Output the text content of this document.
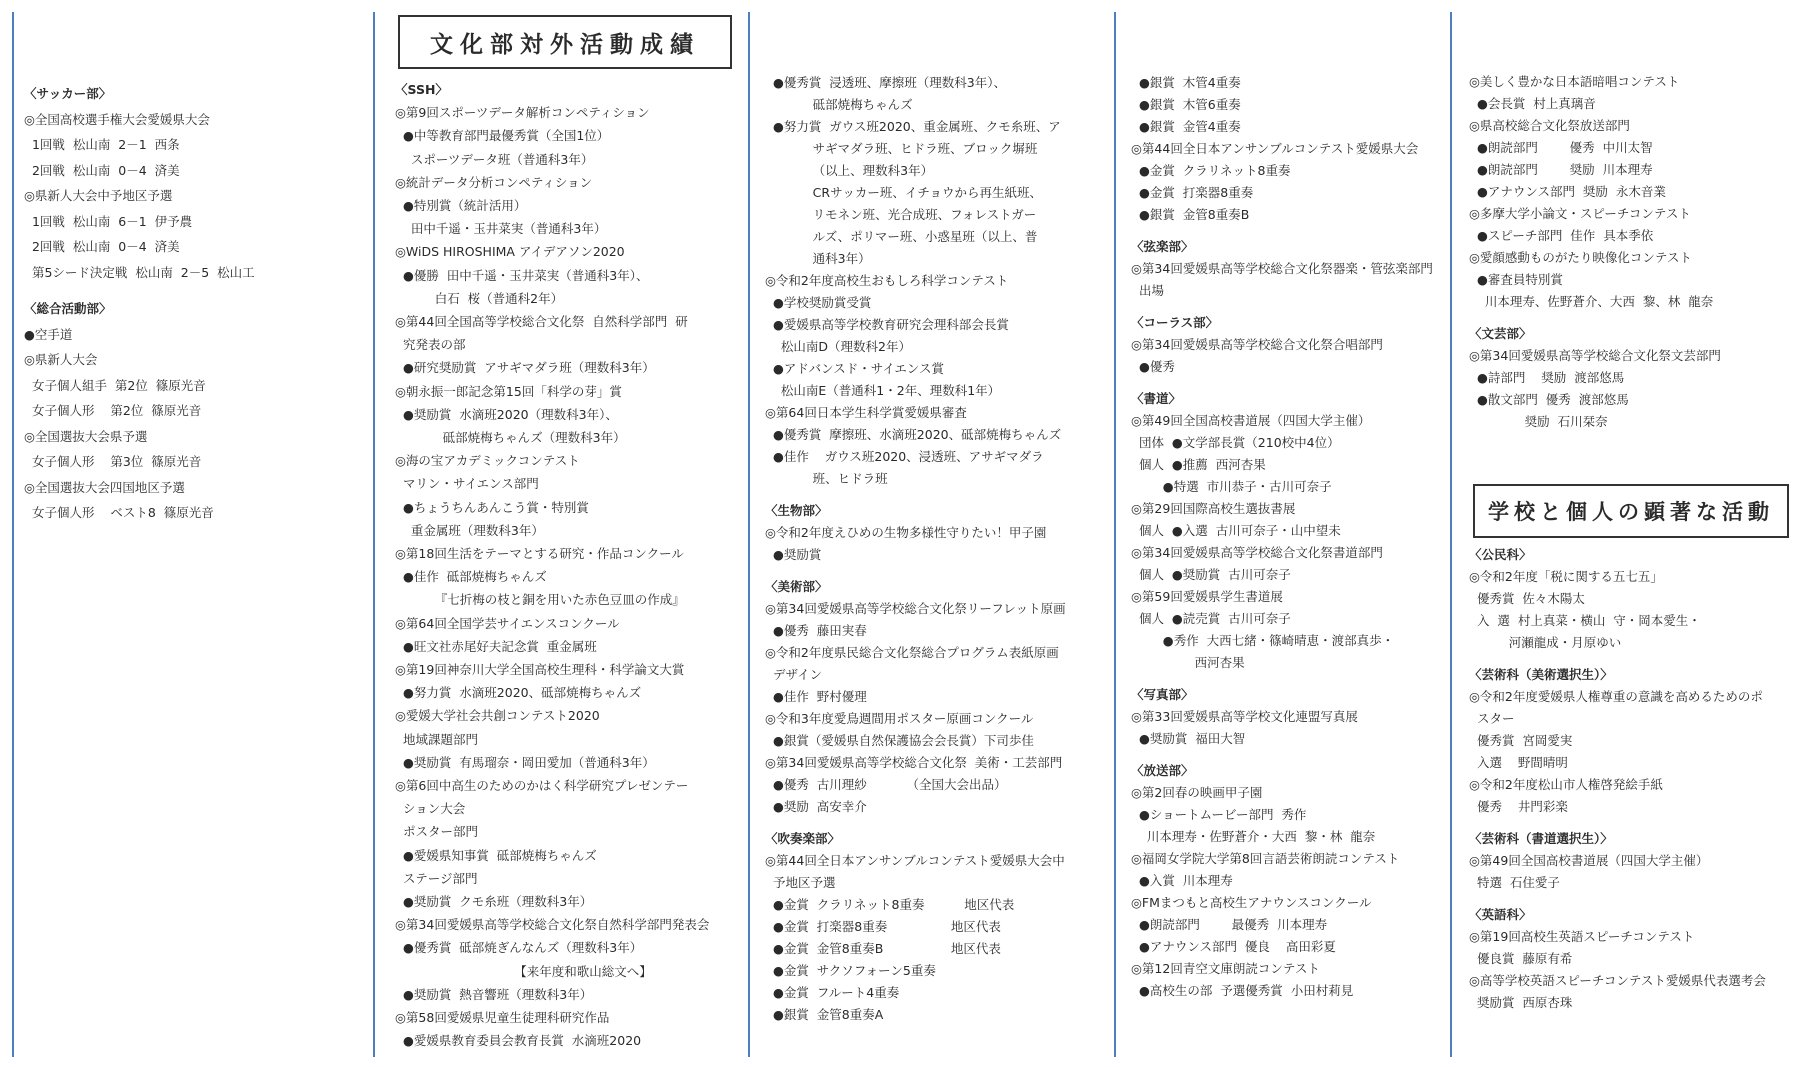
文化部対外活動成績
学校と個人の顕著な活動
〈サッカー部〉
◎全国高校選手権大会愛媛県大会
1回戦  松山南  2－1  西条
2回戦  松山南  0－4  済美
◎県新人大会中予地区予選
1回戦  松山南  6－1  伊予農
2回戦  松山南  0－4  済美
第5シード決定戦  松山南  2－5  松山工
〈総合活動部〉
●空手道
◎県新人大会
女子個人組手  第2位  篠原光音
女子個人形    第2位  篠原光音
◎全国選抜大会県予選
女子個人形    第3位  篠原光音
◎全国選抜大会四国地区予選
女子個人形    ベスト8  篠原光音
〈SSH〉
◎第9回スポーツデータ解析コンペティション
●中等教育部門最優秀賞（全国1位）
スポーツデータ班（普通科3年）
◎統計データ分析コンペティション
●特別賞（統計活用）
田中千遥・玉井菜実（普通科3年）
◎WiDS HIROSHIMA アイデアソン2020
●優勝  田中千遥・玉井菜実（普通科3年）、
白石  桜（普通科2年）
◎第44回全国高等学校総合文化祭  自然科学部門  研
究発表の部
●研究奨励賞  アサギマダラ班（理数科3年）
◎朝永振一郎記念第15回「科学の芽」賞
●奨励賞  水滴班2020（理数科3年）、
砥部焼梅ちゃんズ（理数科3年）
◎海の宝アカデミックコンテスト
マリン・サイエンス部門
●ちょうちんあんこう賞・特別賞
重金属班（理数科3年）
◎第18回生活をテーマとする研究・作品コンクール
●佳作  砥部焼梅ちゃんズ
『七折梅の枝と銅を用いた赤色豆皿の作成』
◎第64回全国学芸サイエンスコンクール
●旺文社赤尾好夫記念賞  重金属班
◎第19回神奈川大学全国高校生理科・科学論文大賞
●努力賞  水滴班2020、砥部焼梅ちゃんズ
◎愛媛大学社会共創コンテスト2020
地域課題部門
●奨励賞  有馬瑠奈・岡田愛加（普通科3年）
◎第6回中高生のためのかはく科学研究プレゼンテー
ション大会
ポスター部門
●愛媛県知事賞  砥部焼梅ちゃんズ
ステージ部門
●奨励賞  クモ糸班（理数科3年）
◎第34回愛媛県高等学校総合文化祭自然科学部門発表会
●優秀賞  砥部焼ぎんなんズ（理数科3年）
【来年度和歌山総文へ】
●奨励賞  熱音響班（理数科3年）
◎第58回愛媛県児童生徒理科研究作品
●愛媛県教育委員会教育長賞  水滴班2020
●優秀賞  浸透班、摩擦班（理数科3年）、
砥部焼梅ちゃんズ
●努力賞  ガウス班2020、重金属班、クモ糸班、ア
サギマダラ班、ヒドラ班、ブロック塀班
（以上、理数科3年）
CRサッカー班、イチョウから再生紙班、
リモネン班、光合成班、フォレストガー
ルズ、ポリマー班、小惑星班（以上、普
通科3年）
◎令和2年度高校生おもしろ科学コンテスト
●学校奨励賞受賞
●愛媛県高等学校教育研究会理科部会長賞
松山南D（理数科2年）
●アドバンスド・サイエンス賞
松山南E（普通科1・2年、理数科1年）
◎第64回日本学生科学賞愛媛県審査
●優秀賞  摩擦班、水滴班2020、砥部焼梅ちゃんズ
●佳作    ガウス班2020、浸透班、アサギマダラ
班、ヒドラ班
〈生物部〉
◎令和2年度えひめの生物多様性守りたい！甲子園
●奨励賞
〈美術部〉
◎第34回愛媛県高等学校総合文化祭リーフレット原画
●優秀  藤田実春
◎令和2年度県民総合文化祭総合プログラム表紙原画
デザイン
●佳作  野村優理
◎令和3年度愛鳥週間用ポスター原画コンクール
●銀賞（愛媛県自然保護協会会長賞）下司歩佳
◎第34回愛媛県高等学校総合文化祭  美術・工芸部門
●優秀  古川理紗          （全国大会出品）
●奨励  高安幸介
〈吹奏楽部〉
◎第44回全日本アンサンブルコンテスト愛媛県大会中
予地区予選
●金賞  クラリネット8重奏          地区代表
●金賞  打楽器8重奏                地区代表
●金賞  金管8重奏B                 地区代表
●金賞  サクソフォーン5重奏
●金賞  フルート4重奏
●銀賞  金管8重奏A
●銀賞  木管4重奏
●銀賞  木管6重奏
●銀賞  金管4重奏
◎第44回全日本アンサンブルコンテスト愛媛県大会
●金賞  クラリネット8重奏
●金賞  打楽器8重奏
●銀賞  金管8重奏B
〈弦楽部〉
◎第34回愛媛県高等学校総合文化祭器楽・管弦楽部門
出場
〈コーラス部〉
◎第34回愛媛県高等学校総合文化祭合唱部門
●優秀
〈書道〉
◎第49回全国高校書道展（四国大学主催）
団体  ●文学部長賞（210校中4位）
個人  ●推薦  西河杏果
●特選  市川恭子・古川可奈子
◎第29回国際高校生選抜書展
個人  ●入選  古川可奈子・山中望未
◎第34回愛媛県高等学校総合文化祭書道部門
個人  ●奨励賞  古川可奈子
◎第59回愛媛県学生書道展
個人  ●読売賞  古川可奈子
●秀作  大西七緒・篠崎晴恵・渡部真歩・
西河杏果
〈写真部〉
◎第33回愛媛県高等学校文化連盟写真展
●奨励賞  福田大智
〈放送部〉
◎第2回春の映画甲子園
●ショートムービー部門  秀作
川本理寿・佐野蒼介・大西  黎・林  龍奈
◎福岡女学院大学第8回言語芸術朗読コンテスト
●入賞  川本理寿
◎FMまつもと高校生アナウンスコンクール
●朗読部門        最優秀  川本理寿
●アナウンス部門  優良    高田彩夏
◎第12回青空文庫朗読コンテスト
●高校生の部  予選優秀賞  小田村莉見
◎美しく豊かな日本語暗唱コンテスト
●会長賞  村上真璃音
◎県高校総合文化祭放送部門
●朗読部門        優秀  中川太智
●朗読部門        奨励  川本理寿
●アナウンス部門  奨励  永木音業
◎多摩大学小論文・スピーチコンテスト
●スピーチ部門  佳作  具本季依
◎愛顔感動ものがたり映像化コンテスト
●審査員特別賞
川本理寿、佐野蒼介、大西  黎、林  龍奈
〈文芸部〉
◎第34回愛媛県高等学校総合文化祭文芸部門
●詩部門    奨励  渡部悠馬
●散文部門  優秀  渡部悠馬
奨励  石川栞奈
〈公民科〉
◎令和2年度「税に関する五七五」
優秀賞  佐々木陽太
入  選  村上真菜・横山  守・岡本愛生・
河瀬龍成・月原ゆい
〈芸術科（美術選択生）〉
◎令和2年度愛媛県人権尊重の意識を高めるためのポ
スター
優秀賞  宮岡愛実
入選    野間晴明
◎令和2年度松山市人権啓発絵手紙
優秀    井門彩楽
〈芸術科（書道選択生）〉
◎第49回全国高校書道展（四国大学主催）
特選  石住愛子
〈英語科〉
◎第19回高校生英語スピーチコンテスト
優良賞  藤原有希
◎高等学校英語スピーチコンテスト愛媛県代表選考会
奨励賞  西原杏珠
